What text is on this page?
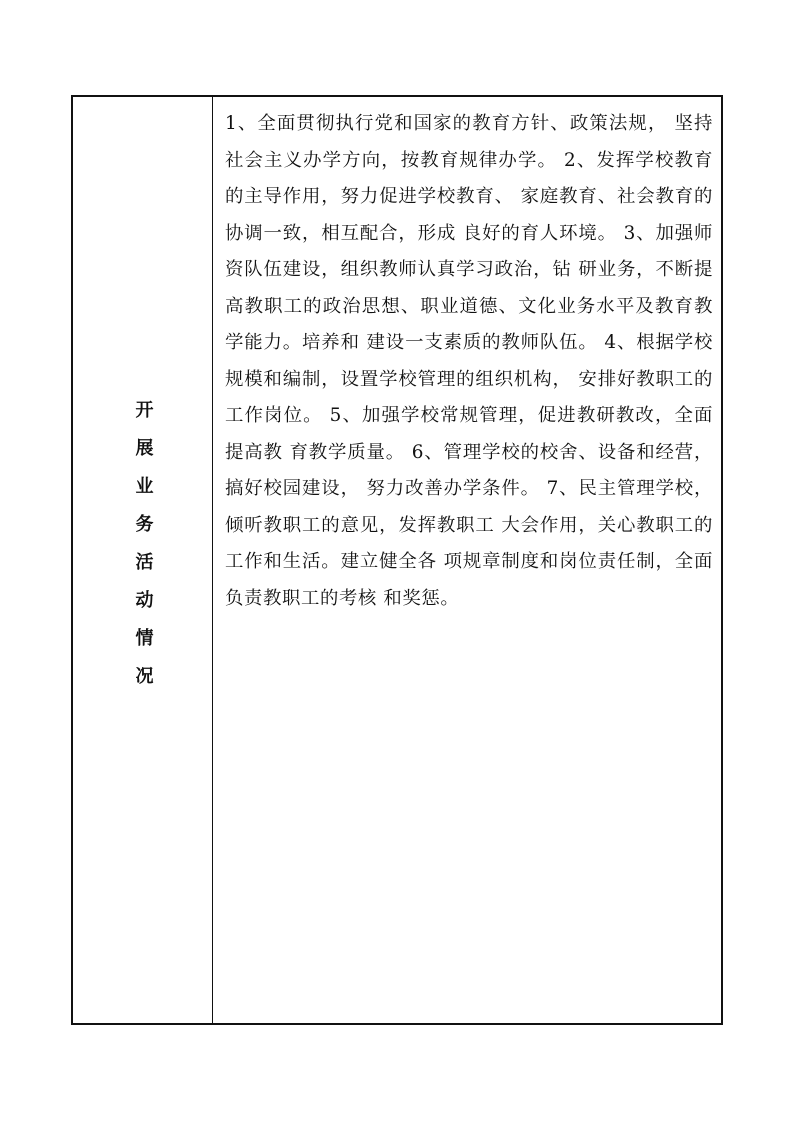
开展业务活动情况

1、全面贯彻执行党和国家的教育方针、政策法规， 坚持社会主义办学方向，按教育规律办学。 2、发挥学校教育的主导作用，努力促进学校教育、 家庭教育、社会教育的协调一致，相互配合，形成 良好的育人环境。 3、加强师资队伍建设，组织教师认真学习政治，钻 研业务，不断提高教职工的政治思想、职业道德、文化业务水平及教育教学能力。培养和 建设一支素质的教师队伍。 4、根据学校规模和编制，设置学校管理的组织机构， 安排好教职工的工作岗位。 5、加强学校常规管理，促进教研教改，全面提高教 育教学质量。 6、管理学校的校舍、设备和经营，搞好校园建设， 努力改善办学条件。 7、民主管理学校，倾听教职工的意见，发挥教职工 大会作用，关心教职工的工作和生活。建立健全各 项规章制度和岗位责任制，全面负责教职工的考核 和奖惩。
